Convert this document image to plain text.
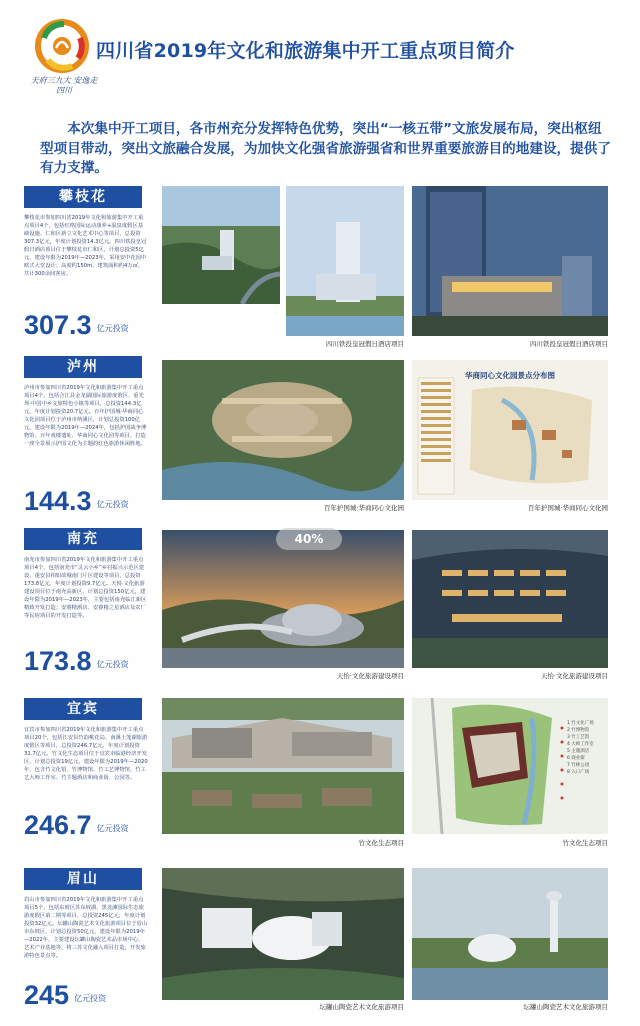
天府三九大 安逸走四川
四川省2019年文化和旅游集中开工重点项目简介
本次集中开工项目，各市州充分发挥特色优势，突出“一核五带”文旅发展布局，突出枢纽型项目带动，突出文旅融合发展，为加快文化强省旅游强省和世界重要旅游目的地建设，提供了有力支撑。
攀枝花
攀枝花市参加四川省2019年文化和旅游集中开工重点项目4个，包括红格国际运动康养+温泉度假区基础设施、仁和区新立文化艺术中心等项目，总投资307.3亿元，年度计划投资14.3亿元。四川铁投皇冠假日酒店项目位于攀枝花市仁和区，计划总投资5亿元，建设年限为2019年—2023年，采用安中花园中欧式大堂设计；高度约150m，建筑面积约4万㎡，共计300余间客房。
307.3 亿元投资
四川铁投皇冠假日酒店项目	四川铁投皇冠假日酒店项目
泸州
泸州市参加四川省2019年文化和旅游集中开工重点项目4个，包括合江县金龙湖国际旅游度假区、重光坝·中国中乡文旅特色小镇等项目，总投资144.3亿元，年度计划投资20.7亿元。百年护国城·华商同心文化园项目位于泸州市纳溪区，计划总投资100亿元，建设年限为2019年—2024年，包括护国战争博物馆、百年戏楼遗址、华商同心文化园等项目，打造一座全景展示护国文化为主题的红色旅游休闲胜地。
144.3 亿元投资
华商同心文化园景点分布图
百年护国城·华商同心文化园	百年护国城·华商同心文化园
南充
南充市参加四川省2019年文化和旅游集中开工重点项目4个，包括南充市“灵云小乡”乡村振兴示范区建设、蓬安县相如故城南门片区建设等项目，总投资173.8亿元，年度计划投资9.7亿元。天悦·文化旅游建设项目位于南充高新区，计划总投资150亿元，建设年限为2019年—2023年，主要包括南充临江新区精致开发打造；安睿精酒店、安睿精之星酒店及农厂等民宿项目的开发打造等。
173.8 亿元投资
天怡·文化旅游建设项目	天怡·文化旅游建设项目
宜宾
宜宾市参加四川省2019年文化和旅游集中开工重点项目20个，包括江安县竹韵桃花岛、南溪土笼湖旅游度假区等项目，总投资246.7亿元，年度计划投资31.7亿元。竹文化生态项目位于宜宾市临港经济开发区，计划总投资19亿元，建设年限为2019年—2020年，包含竹文化馆、竹博物馆、竹工艺博物馆、竹工艺大师工作室、竹主题酒店和商业街、公园等。
246.7 亿元投资
1 竹文化广场
2 竹博物馆
3 竹工艺馆
4 大师工作室
5 主题酒店
6 商业街
7 竹林公园
8 入口广场
竹文化生态项目	竹文化生态项目
眉山
眉山市参加四川省2019年文化和旅游集中开工重点项目5个，包括东坡区苏东坡湖、黑龙滩国际生态旅游度假区第二期等项目，总投资245亿元，年度计划投资32亿元。坛罐山陶瓷艺术文化旅游项目位于眉山市东坡区，计划总投资50亿元，建设年限为2019年—2022年，主要建设坛罐山陶瓷艺术品市场中心、艺术产业基地等，将三苏文化融入项目打造，开发旅游特色景点等。
245 亿元投资
坛罐山陶瓷艺术文化旅游项目	坛罐山陶瓷艺术文化旅游项目
40%
